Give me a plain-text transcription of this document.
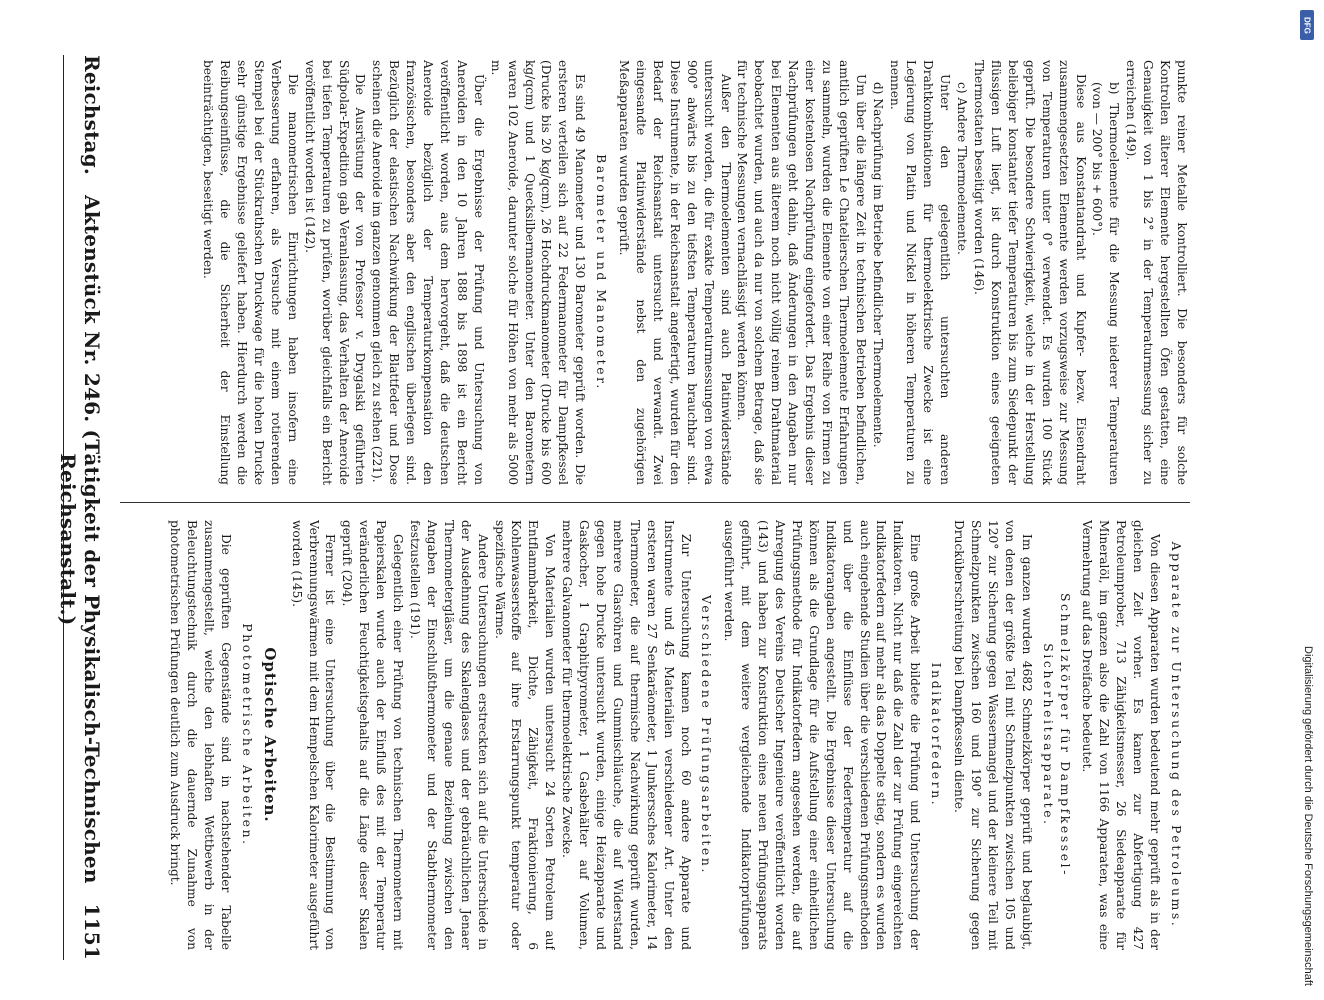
Reichstag.
Aktenstück Nr. 246. (Tätigkeit der Physikalisch-Technischen Reichsanstalt.)
1151

punkte reiner Metalle kontrolliert. Die besonders für solche Kontrollen älterer Elemente hergestellten Öfen gestatten, eine Genauigkeit von 1 bis 2° in der Temperaturmessung sicher zu erreichen (149).

b) Thermoelemente für die Messung niederer Temperaturen (von — 200° bis + 600°).

Diese aus Konstantandraht und Kupfer- bezw. Eisendraht zusammengesetzten Elemente werden vorzugsweise zur Messung von Temperaturen unter 0° verwendet. Es wurden 100 Stück geprüft. Die besondere Schwierigkeit, welche in der Herstellung beliebiger konstanter tiefer Temperaturen bis zum Siedepunkt der flüssigen Luft liegt, ist durch Konstruktion eines geeigneten Thermostaten beseitigt worden (146).

c) Andere Thermoelemente.

Unter den gelegentlich untersuchten anderen Drahtkombinationen für thermoelektrische Zwecke ist eine Legierung von Platin und Nickel in höheren Temperaturen zu nennen.

d) Nachprüfung im Betriebe befindlicher Thermoelemente.

Um über die längere Zeit in technischen Betrieben befindlichen, amtlich geprüften Le Chatelierschen Thermoelemente Erfahrungen zu sammeln, wurden die Elemente von einer Reihe von Firmen zu einer kostenlosen Nachprüfung eingefordert. Das Ergebnis dieser Nachprüfungen geht dahin, daß Änderungen in den Angaben nur bei Elementen aus älterem noch nicht völlig reinem Drahtmaterial beobachtet wurden, und auch da nur von solchem Betrage, daß sie für technische Messungen vernachlässigt werden können.

Außer den Thermoelementen sind auch Platinwiderstände untersucht worden, die für exakte Temperaturmessungen von etwa 900° abwärts bis zu den tiefsten Temperaturen brauchbar sind. Diese Instrumente, in der Reichsanstalt angefertigt, wurden für den Bedarf der Reichsanstalt untersucht und verwandt. Zwei eingesandte Platinwiderstände nebst den zugehörigen Meßapparaten wurden geprüft.

Barometer und Manometer.

Es sind 49 Manometer und 130 Barometer geprüft worden. Die ersteren verteilen sich auf 22 Federmanometer für Dampfkessel (Drucke bis 20 kg/qcm), 26 Hochdruckmanometer (Drucke bis 600 kg/qcm) und 1 Quecksilbermanometer. Unter den Barometern waren 102 Aneroide, darunter solche für Höhen von mehr als 5000 m.

Über die Ergebnisse der Prüfung und Untersuchung von Aneroiden in den 10 Jahren 1888 bis 1898 ist ein Bericht veröffentlicht worden, aus dem hervorgeht, daß die deutschen Aneroide bezüglich der Temperaturkompensation den französischen, besonders aber den englischen überlegen sind. Bezüglich der elastischen Nachwirkung der Blattfeder und Dose scheinen die Aneroide im ganzen genommen gleich zu stehen (221).

Die Ausrüstung der von Professor v. Drygalski geführten Südpolar-Expedition gab Veranlassung, das Verhalten der Aneroide bei tiefen Temperaturen zu prüfen, worüber gleichfalls ein Bericht veröffentlicht worden ist (142).

Die manometrischen Einrichtungen haben insofern eine Verbesserung erfahren, als Versuche mit einem rotierenden Stempel bei der Stückrathschen Druckwage für die hohen Drucke sehr günstige Ergebnisse geliefert haben. Hierdurch werden die Reibungseinflüsse, die die Sicherheit der Einstellung beeinträchtigten, beseitigt werden.

Apparate zur Untersuchung des Petroleums.

Von diesen Apparaten wurden bedeutend mehr geprüft als in der gleichen Zeit vorher. Es kamen zur Abfertigung 427 Petroleumprober, 713 Zähigkeitsmesser, 26 Siedeapparate für Mineralöl, im ganzen also die Zahl von 1166 Apparaten, was eine Vermehrung auf das Dreifache bedeutet.

Schmelzkörper für Dampfkessel-Sicherheitsapparate.

Im ganzen wurden 4682 Schmelzkörper geprüft und beglaubigt, von denen der größte Teil mit Schmelzpunkten zwischen 105 und 120° zur Sicherung gegen Wassermangel und der kleinere Teil mit Schmelzpunkten zwischen 160 und 190° zur Sicherung gegen Drucküberschreitung bei Dampfkesseln diente.

Indikatorfedern.

Eine große Arbeit bildete die Prüfung und Untersuchung der Indikatoren. Nicht nur daß die Zahl der zur Prüfung eingereichten Indikatorfedern auf mehr als das Doppelte stieg, sondern es wurden auch eingehende Studien über die verschiedenen Prüfungsmethoden und über die Einflüsse der Federtemperatur auf die Indikatorangaben angestellt. Die Ergebnisse dieser Untersuchung können als die Grundlage für die Aufstellung einer einheitlichen Prüfungsmethode für Indikatorfedern angesehen werden, die auf Anregung des Vereins Deutscher Ingenieure veröffentlicht worden (143) und haben zur Konstruktion eines neuen Prüfungsapparats geführt, mit dem weitere vergleichende Indikatorprüfungen ausgeführt werden.

Verschiedene Prüfungsarbeiten.

Zur Untersuchung kamen noch 60 andere Apparate und Instrumente und 45 Materialien verschiedener Art. Unter den ersteren waren 27 Senkaräometer, 1 Junkerssches Kalorimeter, 14 Thermometer, die auf thermische Nachwirkung geprüft wurden, mehrere Glasröhren und Gummischläuche, die auf Widerstand gegen hohe Drucke untersucht wurden, einige Heizapparate und Gaskocher, 1 Graphitpyrometer, 1 Gasbehälter auf Volumen, mehrere Galvanometer für thermoelektrische Zwecke.

Von Materialien wurden untersucht 24 Sorten Petroleum auf Entflammbarkeit, Dichte, Zähigkeit, Fraktionierung, 6 Kohlenwasserstoffe auf ihre Erstarrungspunkt temperatur oder spezifische Wärme.

Andere Untersuchungen erstreckten sich auf die Unterschiede in der Ausdehnung des Skalenglases und der gebräuchlichen Jenaer Thermometergläser, um die genaue Beziehung zwischen den Angaben der Einschlußthermometer und der Stabthermometer festzustellen (191).

Gelegentlich einer Prüfung von technischen Thermometern mit Papierskalen wurde auch der Einfluß des mit der Temperatur veränderlichen Feuchtigkeitsgehalts auf die Länge dieser Skalen geprüft (204).

Ferner ist eine Untersuchung über die Bestimmung von Verbrennungswärmen mit dem Hempelschen Kalorimeter ausgeführt worden (145).

Optische Arbeiten.
Photometrische Arbeiten.

Die geprüften Gegenstände sind in nachstehender Tabelle zusammengestellt, welche den lebhaften Wettbewerb in der Beleuchtungstechnik durch die dauernde Zunahme von photometrischen Prüfungen deutlich zum Ausdruck bringt.

DFG
Digitalisierung gefördert durch die Deutsche Forschungsgemeinschaft
